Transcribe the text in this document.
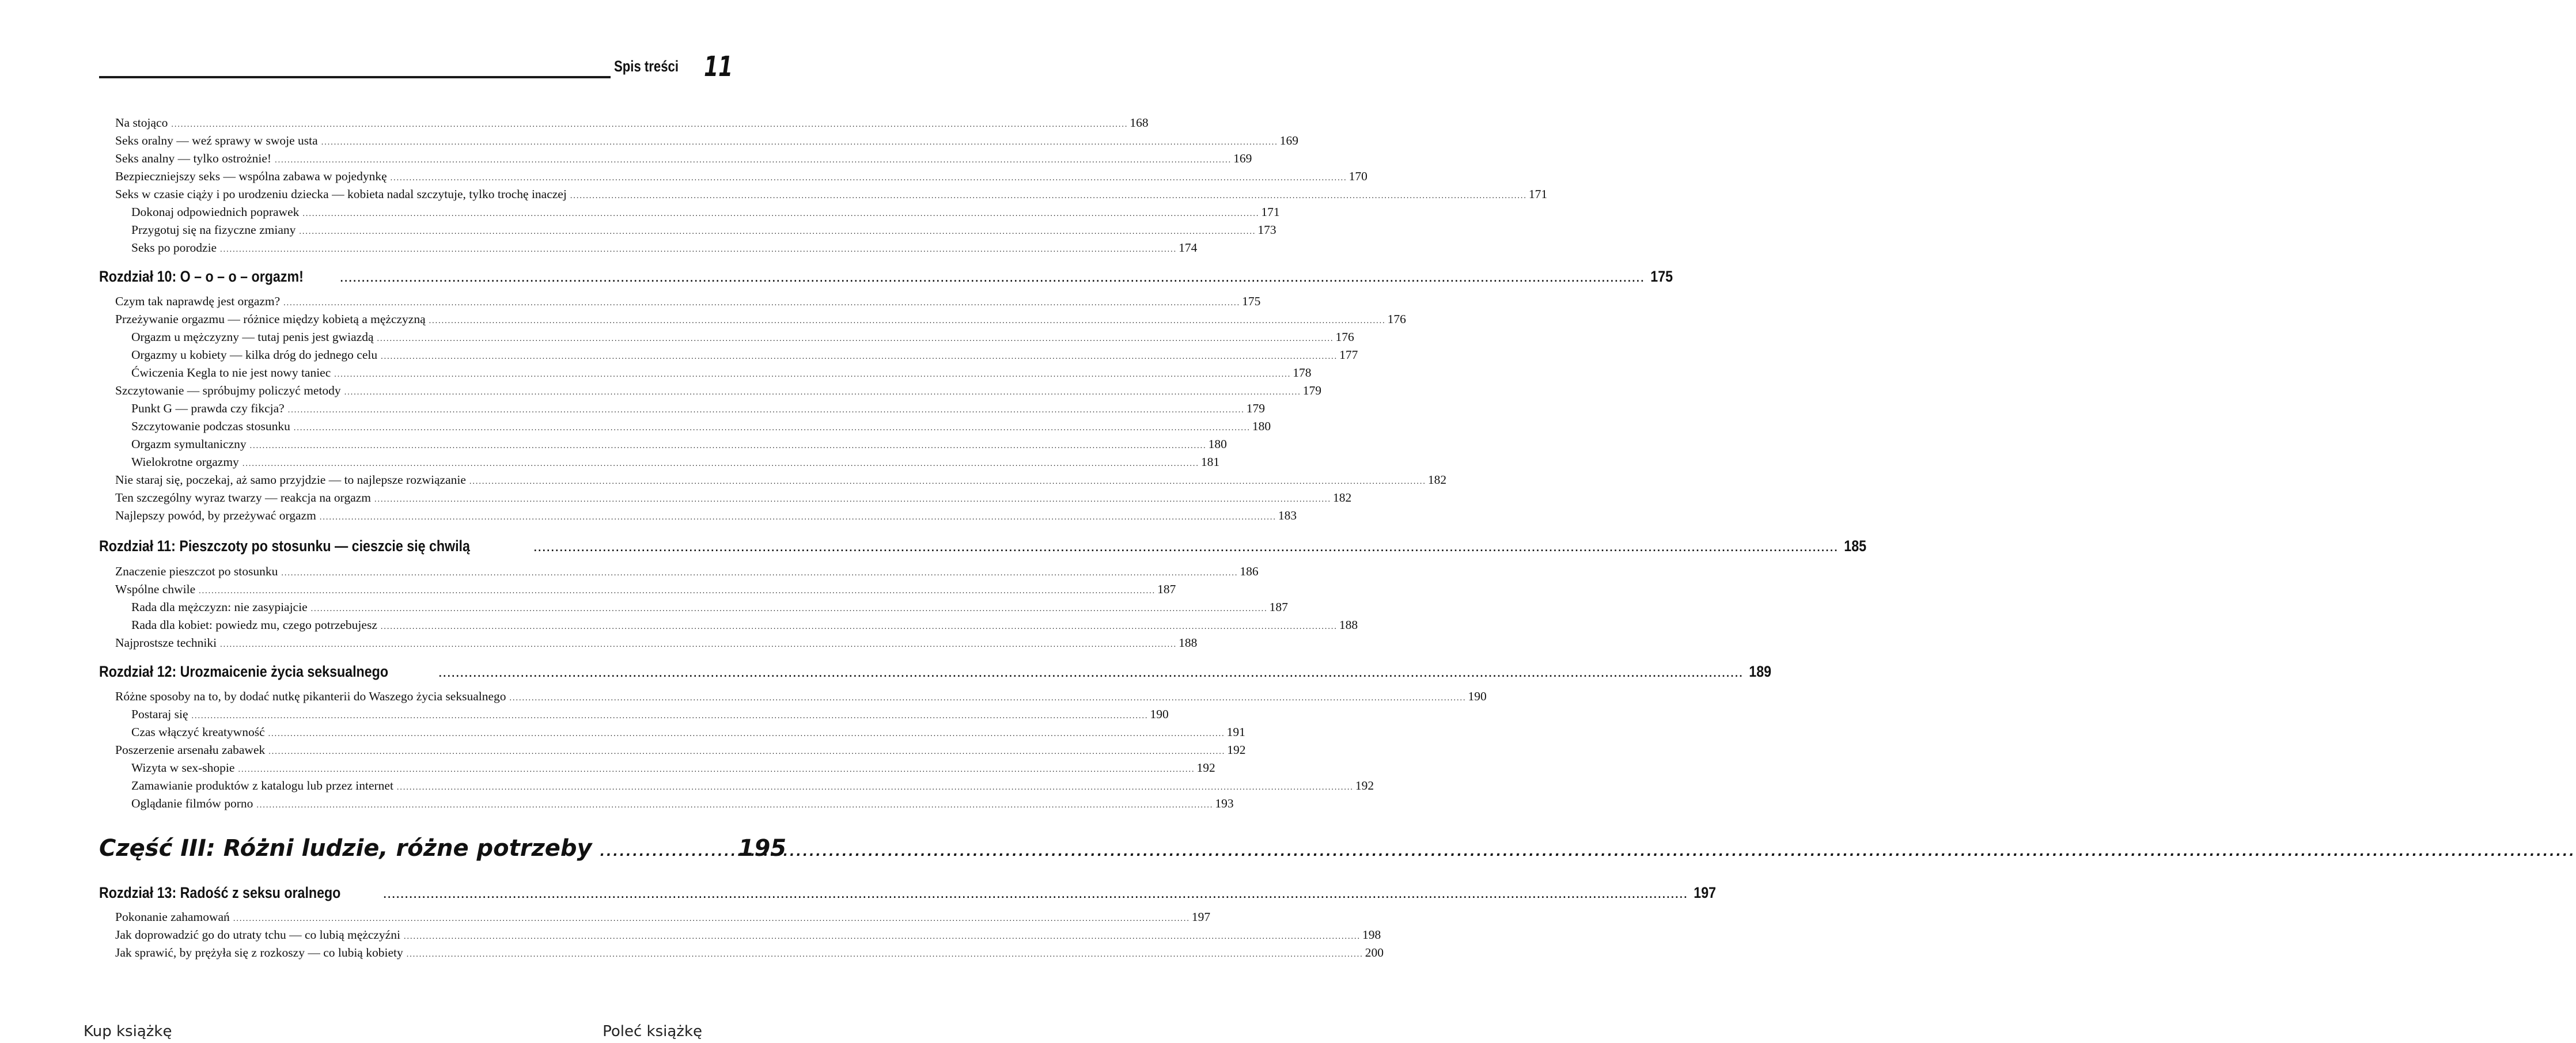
Spis treści 11
Na stojąco .....	168
Seks oralny — weź sprawy w swoje usta .....	169
Seks analny — tylko ostrożnie! .....	169
Bezpieczniejszy seks — wspólna zabawa w pojedynkę .....	170
Seks w czasie ciąży i po urodzeniu dziecka — kobieta nadal szczytuje, tylko trochę inaczej .....	171
Dokonaj odpowiednich poprawek .....	171
Przygotuj się na fizyczne zmiany .....	173
Seks po porodzie .....	174
Rozdział 10: O – o – o – orgazm! .....	175
Czym tak naprawdę jest orgazm? .....	175
Przeżywanie orgazmu — różnice między kobietą a mężczyzną .....	176
Orgazm u mężczyzny — tutaj penis jest gwiazdą .....	176
Orgazmy u kobiety — kilka dróg do jednego celu .....	177
Ćwiczenia Kegla to nie jest nowy taniec .....	178
Szczytowanie — spróbujmy policzyć metody .....	179
Punkt G — prawda czy fikcja? .....	179
Szczytowanie podczas stosunku .....	180
Orgazm symultaniczny .....	180
Wielokrotne orgazmy .....	181
Nie staraj się, poczekaj, aż samo przyjdzie — to najlepsze rozwiązanie .....	182
Ten szczególny wyraz twarzy — reakcja na orgazm .....	182
Najlepszy powód, by przeżywać orgazm .....	183
Rozdział 11: Pieszczoty po stosunku — cieszcie się chwilą .....	185
Znaczenie pieszczot po stosunku .....	186
Wspólne chwile .....	187
Rada dla mężczyzn: nie zasypiajcie .....	187
Rada dla kobiet: powiedz mu, czego potrzebujesz .....	188
Najprostsze techniki .....	188
Rozdział 12: Urozmaicenie życia seksualnego .....	189
Różne sposoby na to, by dodać nutkę pikanterii do Waszego życia seksualnego .....	190
Postaraj się .....	190
Czas włączyć kreatywność .....	191
Poszerzenie arsenału zabawek .....	192
Wizyta w sex-shopie .....	192
Zamawianie produktów z katalogu lub przez internet .....	192
Oglądanie filmów porno .....	193
Część III: Różni ludzie, różne potrzeby .....	195
Rozdział 13: Radość z seksu oralnego .....	197
Pokonanie zahamowań .....	197
Jak doprowadzić go do utraty tchu — co lubią mężczyźni .....	198
Jak sprawić, by prężyła się z rozkoszy — co lubią kobiety .....	200
Kup książkę	Poleć książkę
